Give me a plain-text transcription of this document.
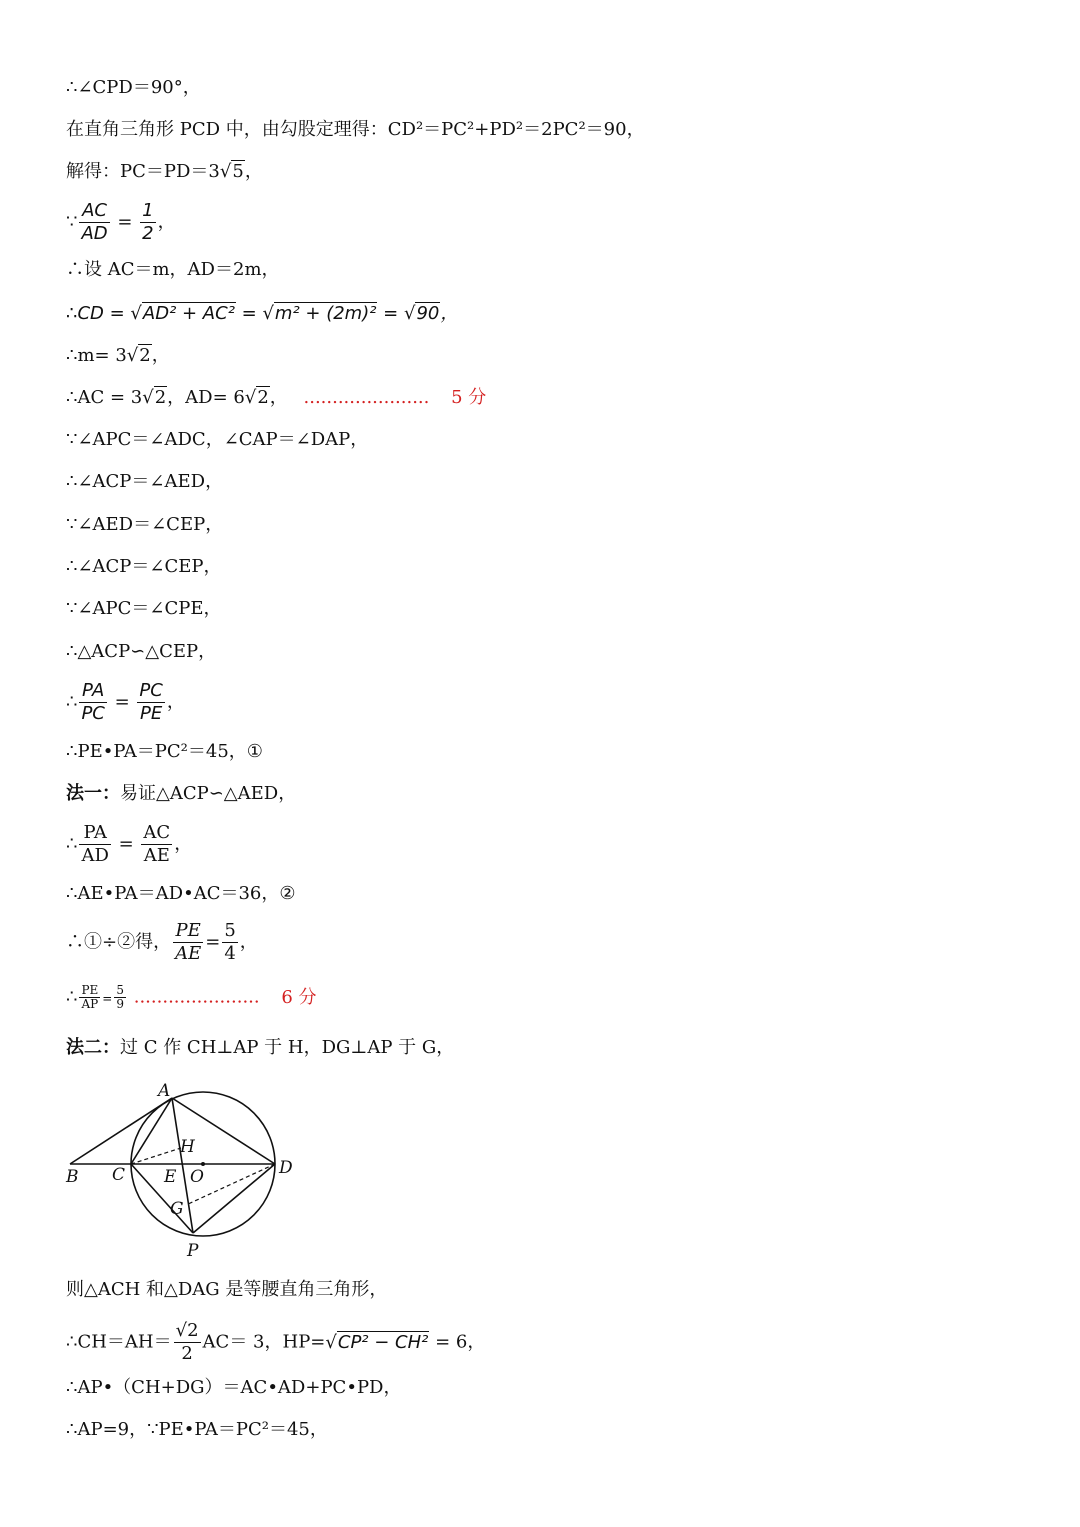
∴∠CPD＝90°，
在直角三角形 PCD 中，由勾股定理得：CD²＝PC²+PD²＝2PC²＝90，
解得：PC＝PD＝3√5，
∵ $\frac{AC}{AD} = \frac{1}{2}$ ，
∴设 AC＝m，AD＝2m，
∴CD = √AD² + AC² = √m² + (2m)² = √90，
∴m= 3√2，
∴AC = 3√2，AD= 6√2， ...................... 5 分
∵∠APC＝∠ADC，∠CAP＝∠DAP，
∴∠ACP＝∠AED，
∵∠AED＝∠CEP，
∴∠ACP＝∠CEP，
∵∠APC＝∠CPE，
∴△ACP∽△CEP，
∴ $\frac{PA}{PC} = \frac{PC}{PE}$ ，
∴PE•PA＝PC²＝45，①
法一：易证△ACP∽△AED，
∴ $\frac{PA}{AD} = \frac{AC}{AE}$ ，
∴AE•PA＝AD•AC＝36，②
∴①÷②得， $\frac{PE}{AE} = \frac{5}{4}$ ，
∴ $\frac{PE}{AP} = \frac{5}{9}$ ...................... 6 分
法二：过 C 作 CH⊥AP 于 H，DG⊥AP 于 G，
A
H
B C E O	D
G
P
则△ACH 和△DAG 是等腰直角三角形，
∴CH＝AH＝ $\frac{√2}{2} AC= 3$，HP=√CP² − CH² = 6，
∴AP•（CH+DG）＝AC•AD+PC•PD，
∴AP=9，∵PE•PA＝PC²＝45，
